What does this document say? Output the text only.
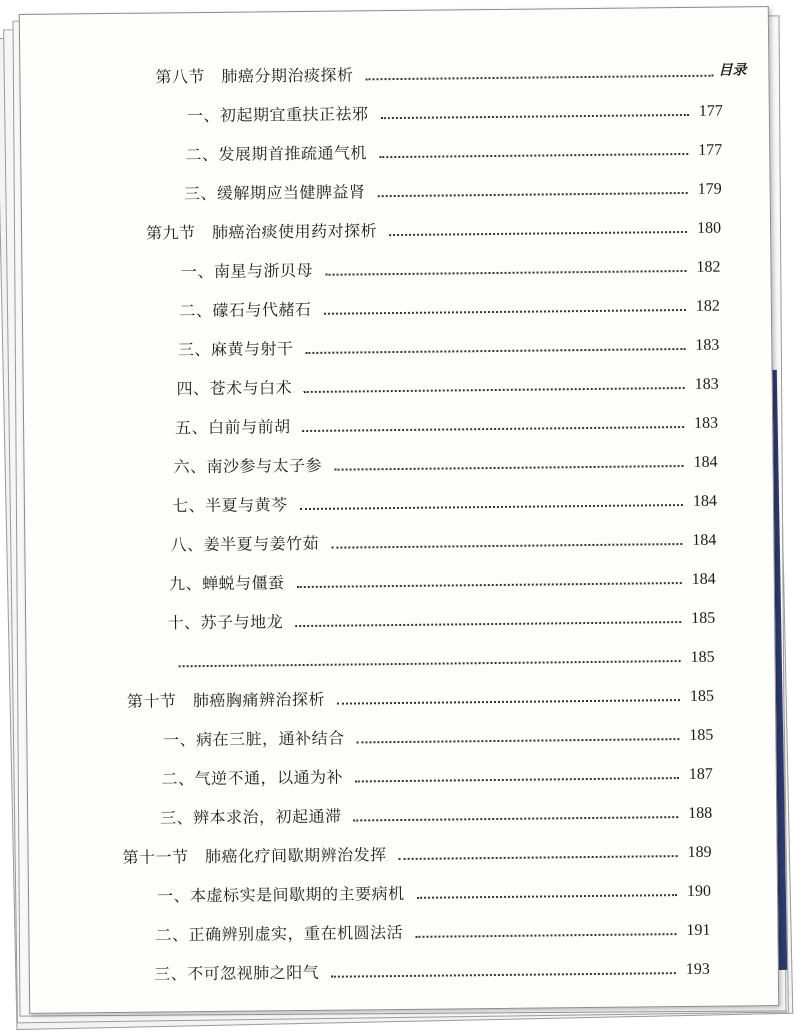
目录
第八节　肺癌分期治痰探析
一、初起期宜重扶正祛邪	177
二、发展期首推疏通气机	177
三、缓解期应当健脾益肾	179
第九节　肺癌治痰使用药对探析	180
一、南星与浙贝母	182
二、礞石与代赭石	182
三、麻黄与射干	183
四、苍术与白术	183
五、白前与前胡	183
六、南沙参与太子参	184
七、半夏与黄芩	184
八、姜半夏与姜竹茹	184
九、蝉蜕与僵蚕	184
十、苏子与地龙	185
185
第十节　肺癌胸痛辨治探析	185
一、病在三脏，通补结合	185
二、气逆不通，以通为补	187
三、辨本求治，初起通滞	188
第十一节　肺癌化疗间歇期辨治发挥	189
一、本虚标实是间歇期的主要病机	190
二、正确辨别虚实，重在机圆法活	191
三、不可忽视肺之阳气	193
